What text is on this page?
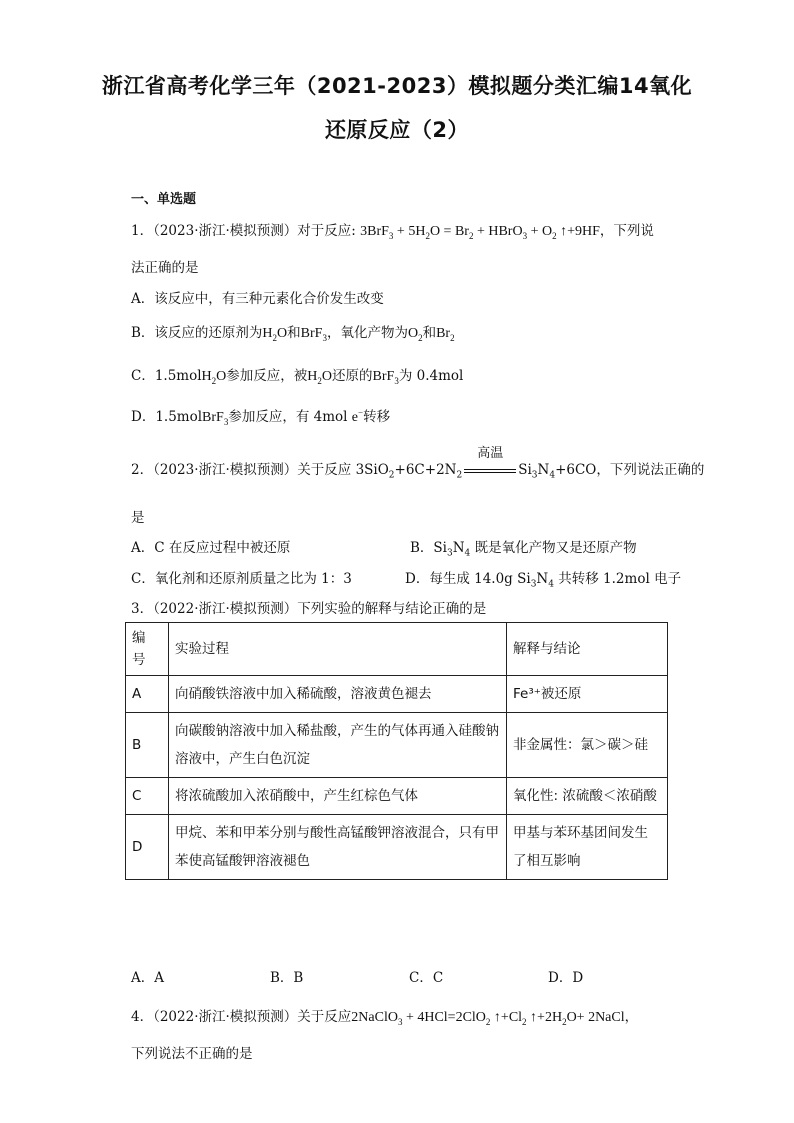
浙江省高考化学三年（2021-2023）模拟题分类汇编14氧化
还原反应（2）
一、单选题
1．（2023·浙江·模拟预测）对于反应: $3BrF_3 + 5H_2O = Br_2$ + HBrO$_3$ + $O_2$ ↑+9HF，下列说
法正确的是
A．该反应中，有三种元素化合价发生改变
B．该反应的还原剂为$H_2O$和BrF$_3$，氧化产物为$O_2$和$Br_2$
C．1.5molH$_2$O参加反应，被$H_2O$还原的BrF$_3$为 0.4mol
D．1.5molBrF$_3$参加反应，有 4mol e−转移
2．（2023·浙江·模拟预测）关于反应 $3SiO_2+6C+2N_2$
高温
$Si_3N_4+6CO$，下列说法正确的
是
A．C 在反应过程中被还原	B．$Si_3N_4$ 既是氧化产物又是还原产物
C．氧化剂和还原剂质量之比为 1：3	D．每生成 14.0g $Si_3N_4$ 共转移 1.2mol 电子
3．（2022·浙江·模拟预测）下列实验的解释与结论正确的是
编号	实验过程	解释与结论
A	向硝酸铁溶液中加入稀硫酸，溶液黄色褪去	Fe³⁺被还原
B	向碳酸钠溶液中加入稀盐酸，产生的气体再通入硅酸钠溶液中，产生白色沉淀	非金属性：氯＞碳＞硅
C	将浓硫酸加入浓硝酸中，产生红棕色气体	氧化性: 浓硫酸＜浓硝酸
D	甲烷、苯和甲苯分别与酸性高锰酸钾溶液混合，只有甲苯使高锰酸钾溶液褪色	甲基与苯环基团间发生了相互影响
A．A	B．B	C．C	D．D
4．（2022·浙江·模拟预测）关于反应2NaClO$_3$ + 4HCl=2ClO$_2$ $↑+Cl_2$ $↑+2H_2O+$ 2NaCl，
下列说法不正确的是
